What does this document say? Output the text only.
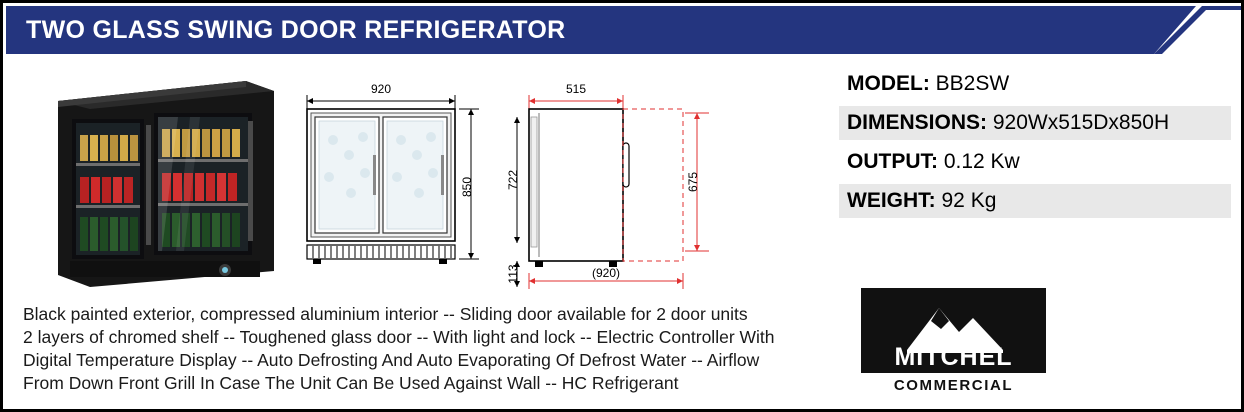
TWO GLASS SWING DOOR REFRIGERATOR
920
850
515
722	675
113	(920)
MODEL: BB2SW
DIMENSIONS: 920Wx515Dx850H
OUTPUT: 0.12 Kw
WEIGHT: 92 Kg
Black painted exterior, compressed aluminium interior -- Sliding door available for 2 door units
2 layers of chromed shelf -- Toughened glass door -- With light and lock -- Electric Controller With
Digital Temperature Display -- Auto Defrosting And Auto Evaporating Of Defrost Water -- Airflow
From Down Front Grill In Case The Unit Can Be Used Against Wall -- HC Refrigerant
MITCHEL
COMMERCIAL
